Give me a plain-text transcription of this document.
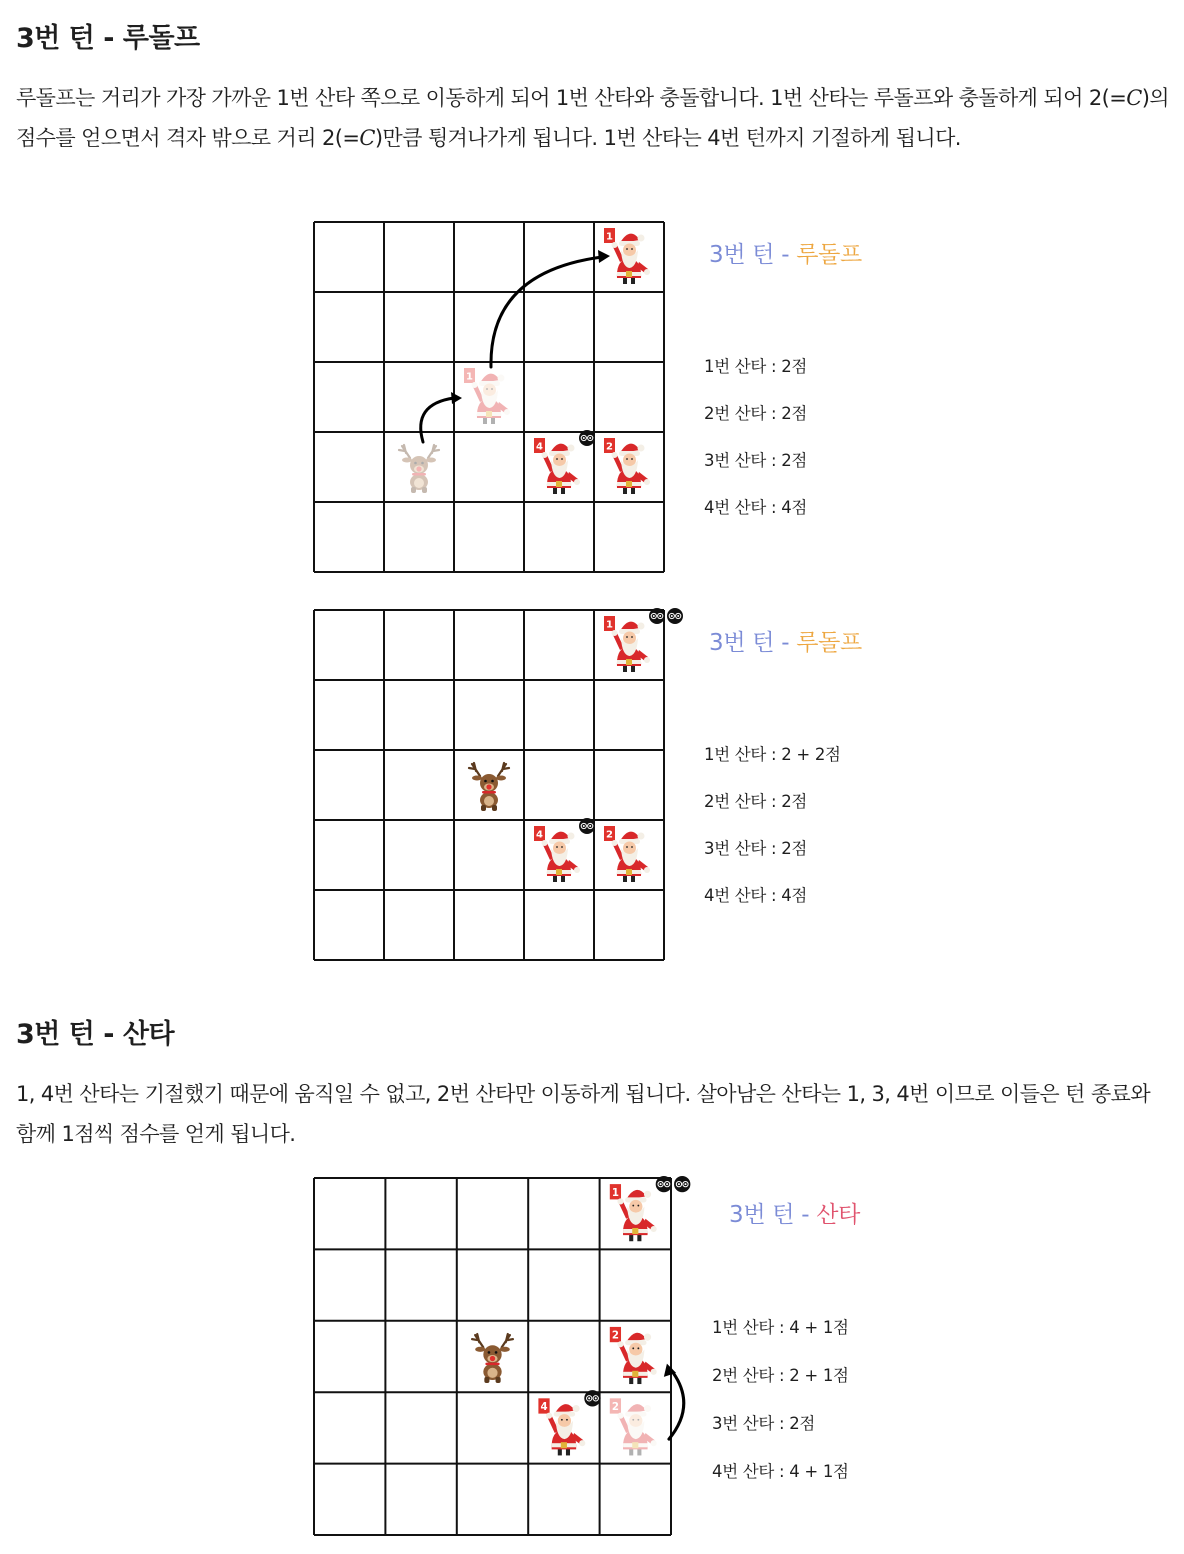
3번 턴 - 루돌프

루돌프는 거리가 가장 가까운 1번 산타 쪽으로 이동하게 되어 1번 산타와 충돌합니다. 1번 산타는 루돌프와 충돌하게 되어 2(=C)의 점수를 얻으면서 격자 밖으로 거리 2(=C)만큼 튕겨나가게 됩니다. 1번 산타는 4번 턴까지 기절하게 됩니다.

1
1
4	2
3번 턴 - 루돌프
1번 산타 : 2점
2번 산타 : 2점
3번 산타 : 2점
4번 산타 : 4점
1
4	2
3번 턴 - 루돌프
1번 산타 : 2 + 2점
2번 산타 : 2점
3번 산타 : 2점
4번 산타 : 4점
3번 턴 - 산타

1, 4번 산타는 기절했기 때문에 움직일 수 없고, 2번 산타만 이동하게 됩니다. 살아남은 산타는 1, 3, 4번 이므로 이들은 턴 종료와 함께 1점씩 점수를 얻게 됩니다.

1
2
4	2
3번 턴 - 산타
1번 산타 : 4 + 1점
2번 산타 : 2 + 1점
3번 산타 : 2점
4번 산타 : 4 + 1점
